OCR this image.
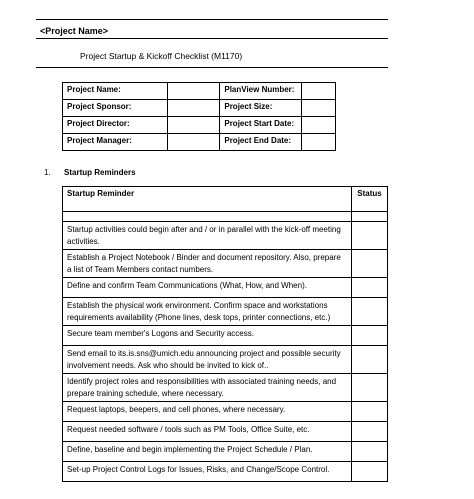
<Project Name>
Project Startup & Kickoff Checklist (M1170)
Project Name:		PlanView Number:	
Project Sponsor:		Project Size:	
Project Director:		Project Start Date:	
Project Manager:		Project End Date:	
1. Startup Reminders
Startup Reminder	Status

Startup activities could begin after and / or in parallel with the kick-off meeting activities.	
Establish a Project Notebook / Binder and document repository. Also, prepare a list of Team Members contact numbers.	
Define and confirm Team Communications (What, How, and When).	
Establish the physical work environment. Confirm space and workstations requirements availability (Phone lines, desk tops, printer connections, etc.)	
Secure team member's Logons and Security access.	
Send email to its.is.sns@umich.edu announcing project and possible security involvement needs. Ask who should be invited to kick of..	
Identify project roles and responsibilities with associated training needs, and prepare training schedule, where necessary.	
Request laptops, beepers, and cell phones, where necessary.	
Request needed software / tools such as PM Tools, Office Suite, etc.	
Define, baseline and begin implementing the Project Schedule / Plan.	
Set-up Project Control Logs for Issues, Risks, and Change/Scope Control.	
